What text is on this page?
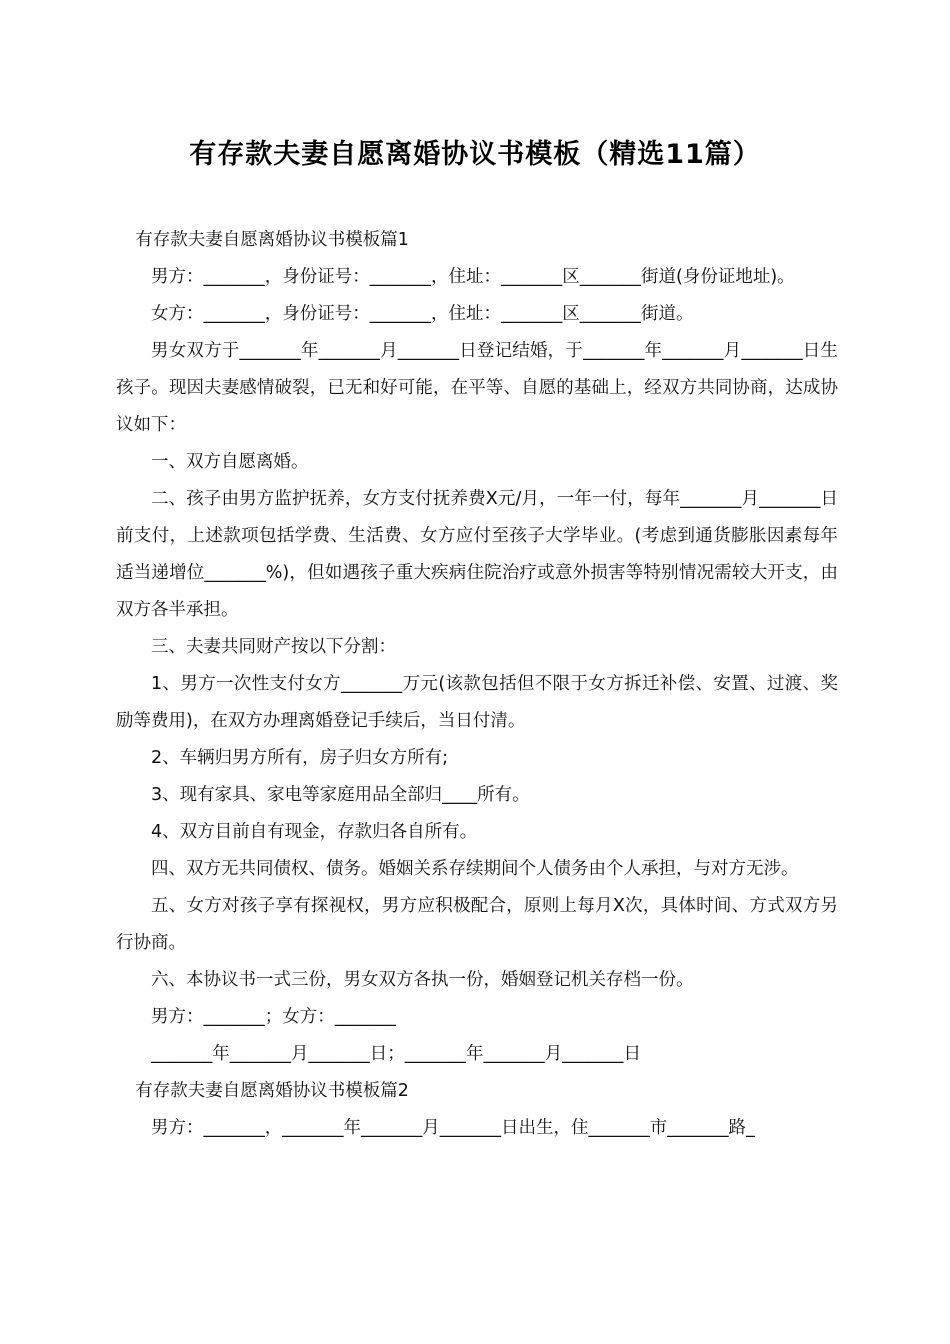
有存款夫妻自愿离婚协议书模板（精选11篇）

有存款夫妻自愿离婚协议书模板篇1

男方：_______，身份证号：_______，住址：_______区_______街道(身份证地址)。

女方：_______，身份证号：_______，住址：_______区_______街道。

男女双方于_______年_______月_______日登记结婚，于_______年_______月_______日生孩子。现因夫妻感情破裂，已无和好可能，在平等、自愿的基础上，经双方共同协商，达成协议如下：

一、双方自愿离婚。

二、孩子由男方监护抚养，女方支付抚养费X元/月，一年一付，每年_______月_______日前支付，上述款项包括学费、生活费、女方应付至孩子大学毕业。(考虑到通货膨胀因素每年适当递增位_______%)，但如遇孩子重大疾病住院治疗或意外损害等特别情况需较大开支，由双方各半承担。

三、夫妻共同财产按以下分割：

1、男方一次性支付女方_______万元(该款包括但不限于女方拆迁补偿、安置、过渡、奖励等费用)，在双方办理离婚登记手续后，当日付清。

2、车辆归男方所有，房子归女方所有;

3、现有家具、家电等家庭用品全部归____所有。

4、双方目前自有现金，存款归各自所有。

四、双方无共同债权、债务。婚姻关系存续期间个人债务由个人承担，与对方无涉。

五、女方对孩子享有探视权，男方应积极配合，原则上每月X次，具体时间、方式双方另行协商。

六、本协议书一式三份，男女双方各执一份，婚姻登记机关存档一份。

男方：_______；女方：_______

_______年_______月_______日；_______年_______月_______日

有存款夫妻自愿离婚协议书模板篇2

男方：_______，_______年_______月_______日出生，住_______市_______路_
